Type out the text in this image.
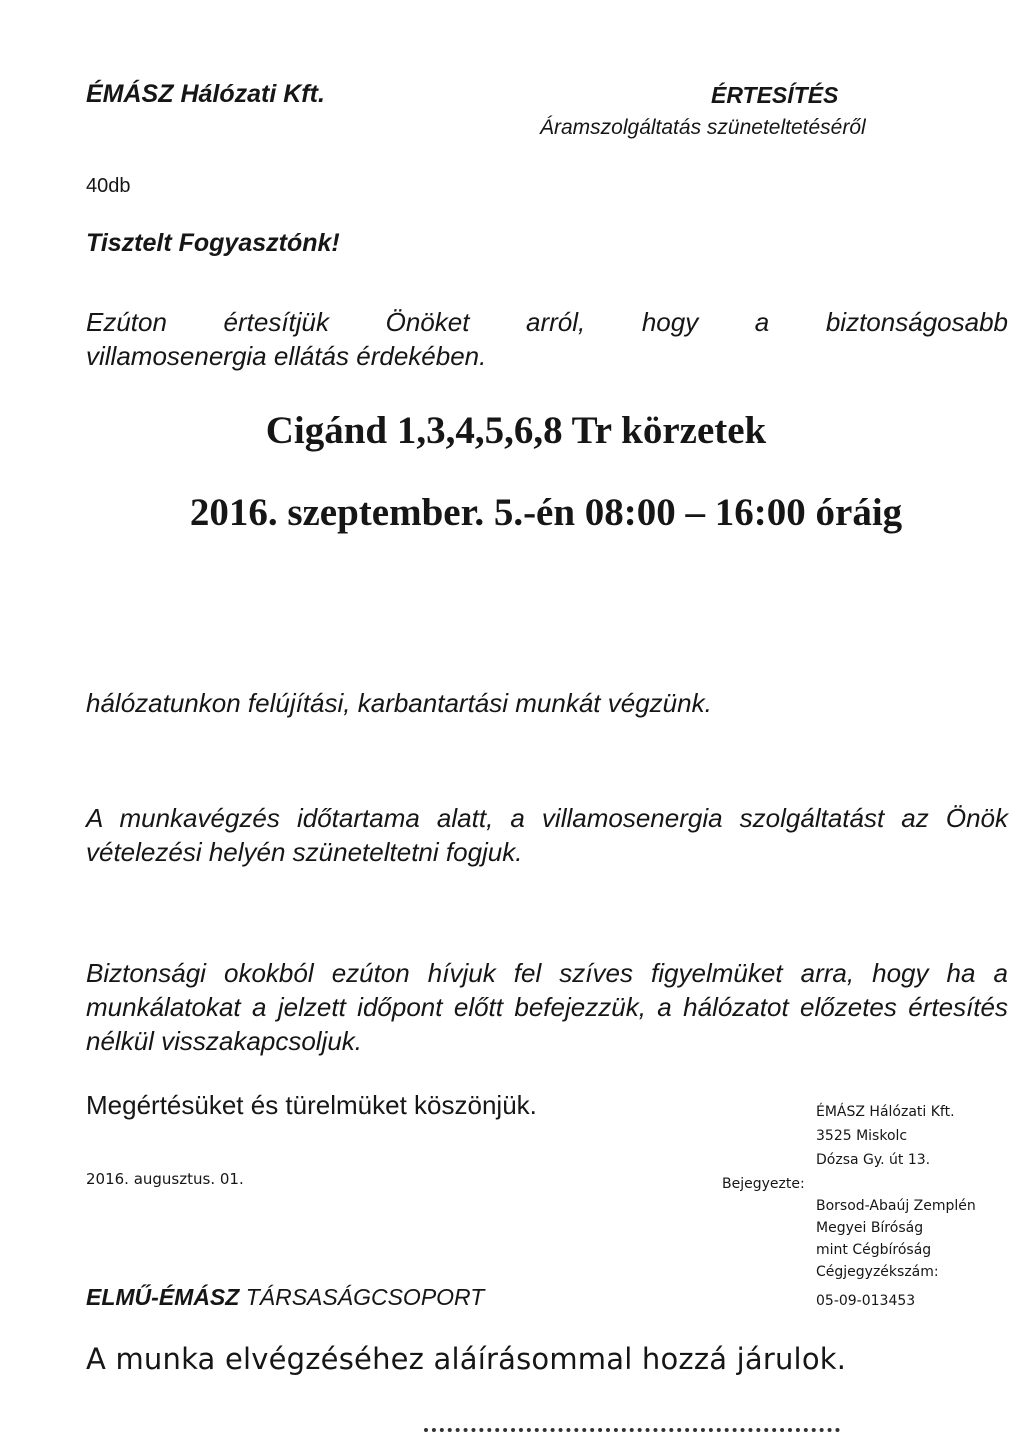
ÉMÁSZ Hálózati Kft.	ÉRTESÍTÉS
Áramszolgáltatás szüneteltetéséről
40db
Tisztelt Fogyasztónk!
Ezúton értesítjük Önöket arról, hogy a biztonságosabb
villamosenergia ellátás érdekében.
Cigánd 1,3,4,5,6,8 Tr körzetek
2016. szeptember. 5.-én 08:00 – 16:00 óráig
hálózatunkon felújítási, karbantartási munkát végzünk.
A munkavégzés időtartama alatt, a villamosenergia szolgáltatást az Önök vételezési helyén szüneteltetni fogjuk.
Biztonsági okokból ezúton hívjuk fel szíves figyelmüket arra, hogy ha a munkálatokat a jelzett időpont előtt befejezzük, a hálózatot előzetes értesítés nélkül visszakapcsoljuk.
Megértésüket és türelmüket köszönjük.
2016. augusztus. 01.
ÉMÁSZ Hálózati Kft.
3525 Miskolc
Dózsa Gy. út 13.
Bejegyezte:
Borsod-Abaúj Zemplén
Megyei Bíróság
mint Cégbíróság
Cégjegyzékszám:
05-09-013453
ELMŰ-ÉMÁSZ TÁRSASÁGCSOPORT
A munka elvégzéséhez aláírásommal hozzá járulok.
